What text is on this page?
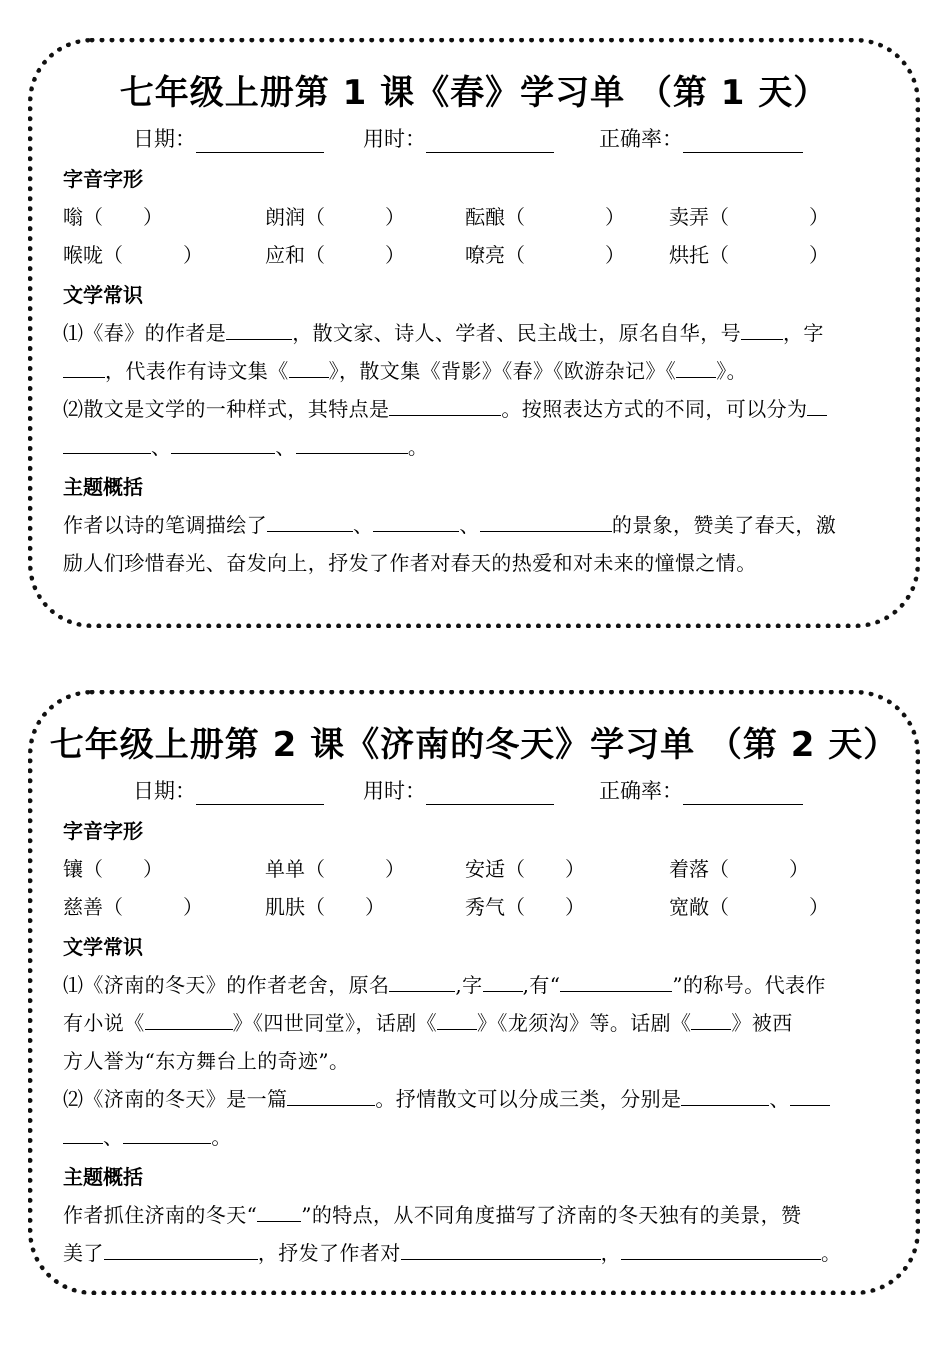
七年级上册第 1 课《春》学习单 （第 1 天）
日期：	用时：	正确率：
字音字形
嗡（　　）	朗润（　　　）	酝酿（　　　　） 卖弄（　　　　）
喉咙（　　　）	应和（　　　）	嘹亮（　　　　） 烘托（　　　　）
文学常识
⑴《春》的作者是	，散文家、诗人、学者、民主战士，原名自华，号 ，字
，代表作有诗文集《 》，散文集《背影》《春》《欧游杂记》《 》。
⑵散文是文学的一种样式，其特点是	。按照表达方式的不同，可以分为
、	、	。
主题概括
作者以诗的笔调描绘了	、	、	的景象，赞美了春天，激
励人们珍惜春光、奋发向上，抒发了作者对春天的热爱和对未来的憧憬之情。
七年级上册第 2 课《济南的冬天》学习单 （第 2 天）
日期：	用时：	正确率：
字音字形
镶（　　）	单单（　　　）	安适（　　）	着落（　　　）
慈善（　　　）	肌肤（　　）	秀气（　　）	宽敞（　　　　）
文学常识
⑴《济南的冬天》的作者老舍，原名	,字 ,有“	”的称号。代表作
有小说《	》《四世同堂》，话剧《 》《龙须沟》等。话剧《 》被西
方人誉为“东方舞台上的奇迹”。
⑵《济南的冬天》是一篇	。抒情散文可以分成三类，分别是	、
、	。
主题概括
作者抓住济南的冬天“ ”的特点，从不同角度描写了济南的冬天独有的美景，赞
美了	，抒发了作者对	，	。
